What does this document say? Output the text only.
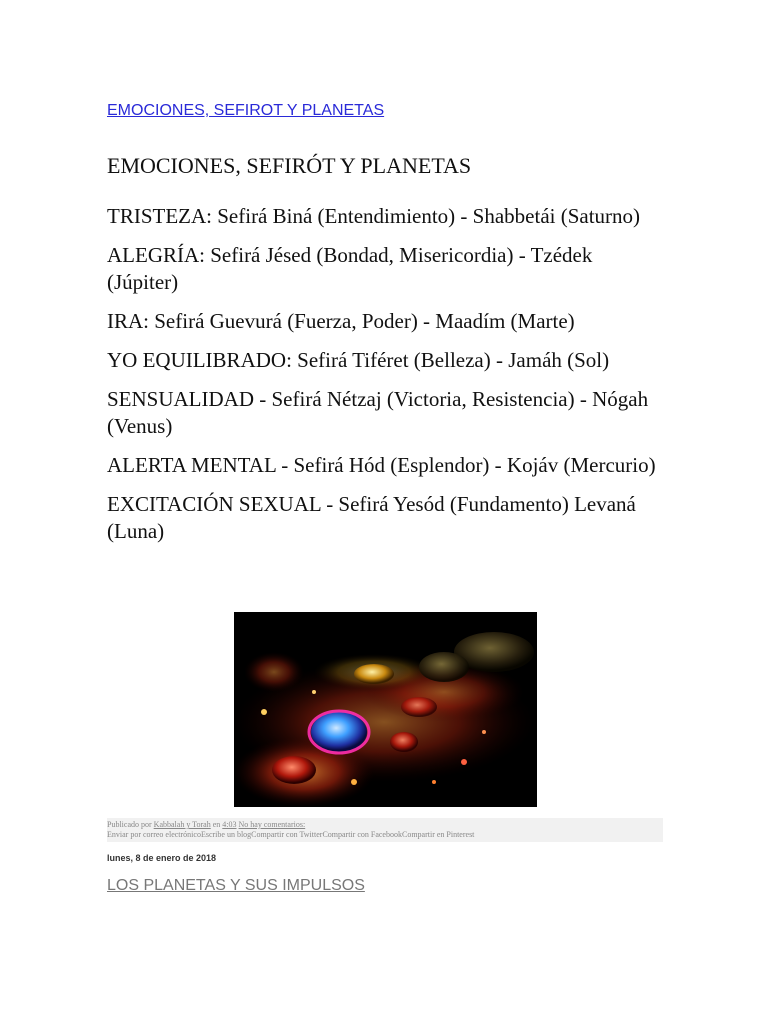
EMOCIONES, SEFIROT Y PLANETAS
EMOCIONES, SEFIRÓT Y PLANETAS
TRISTEZA: Sefirá Biná (Entendimiento) - Shabbetái (Saturno)
ALEGRÍA: Sefirá Jésed (Bondad, Misericordia) - Tzédek (Júpiter)
IRA: Sefirá Guevurá (Fuerza, Poder) - Maadím (Marte)
YO EQUILIBRADO: Sefirá Tiféret (Belleza) - Jamáh (Sol)
SENSUALIDAD - Sefirá Nétzaj (Victoria, Resistencia) - Nógah (Venus)
ALERTA MENTAL - Sefirá Hód (Esplendor) - Kojáv (Mercurio)
EXCITACIÓN SEXUAL - Sefirá Yesód (Fundamento) Levaná (Luna)
Publicado por Kabbalah y Torah en 4:03 No hay comentarios:
Enviar por correo electrónicoEscribe un blogCompartir con TwitterCompartir con FacebookCompartir en Pinterest
lunes, 8 de enero de 2018
LOS PLANETAS Y SUS IMPULSOS
